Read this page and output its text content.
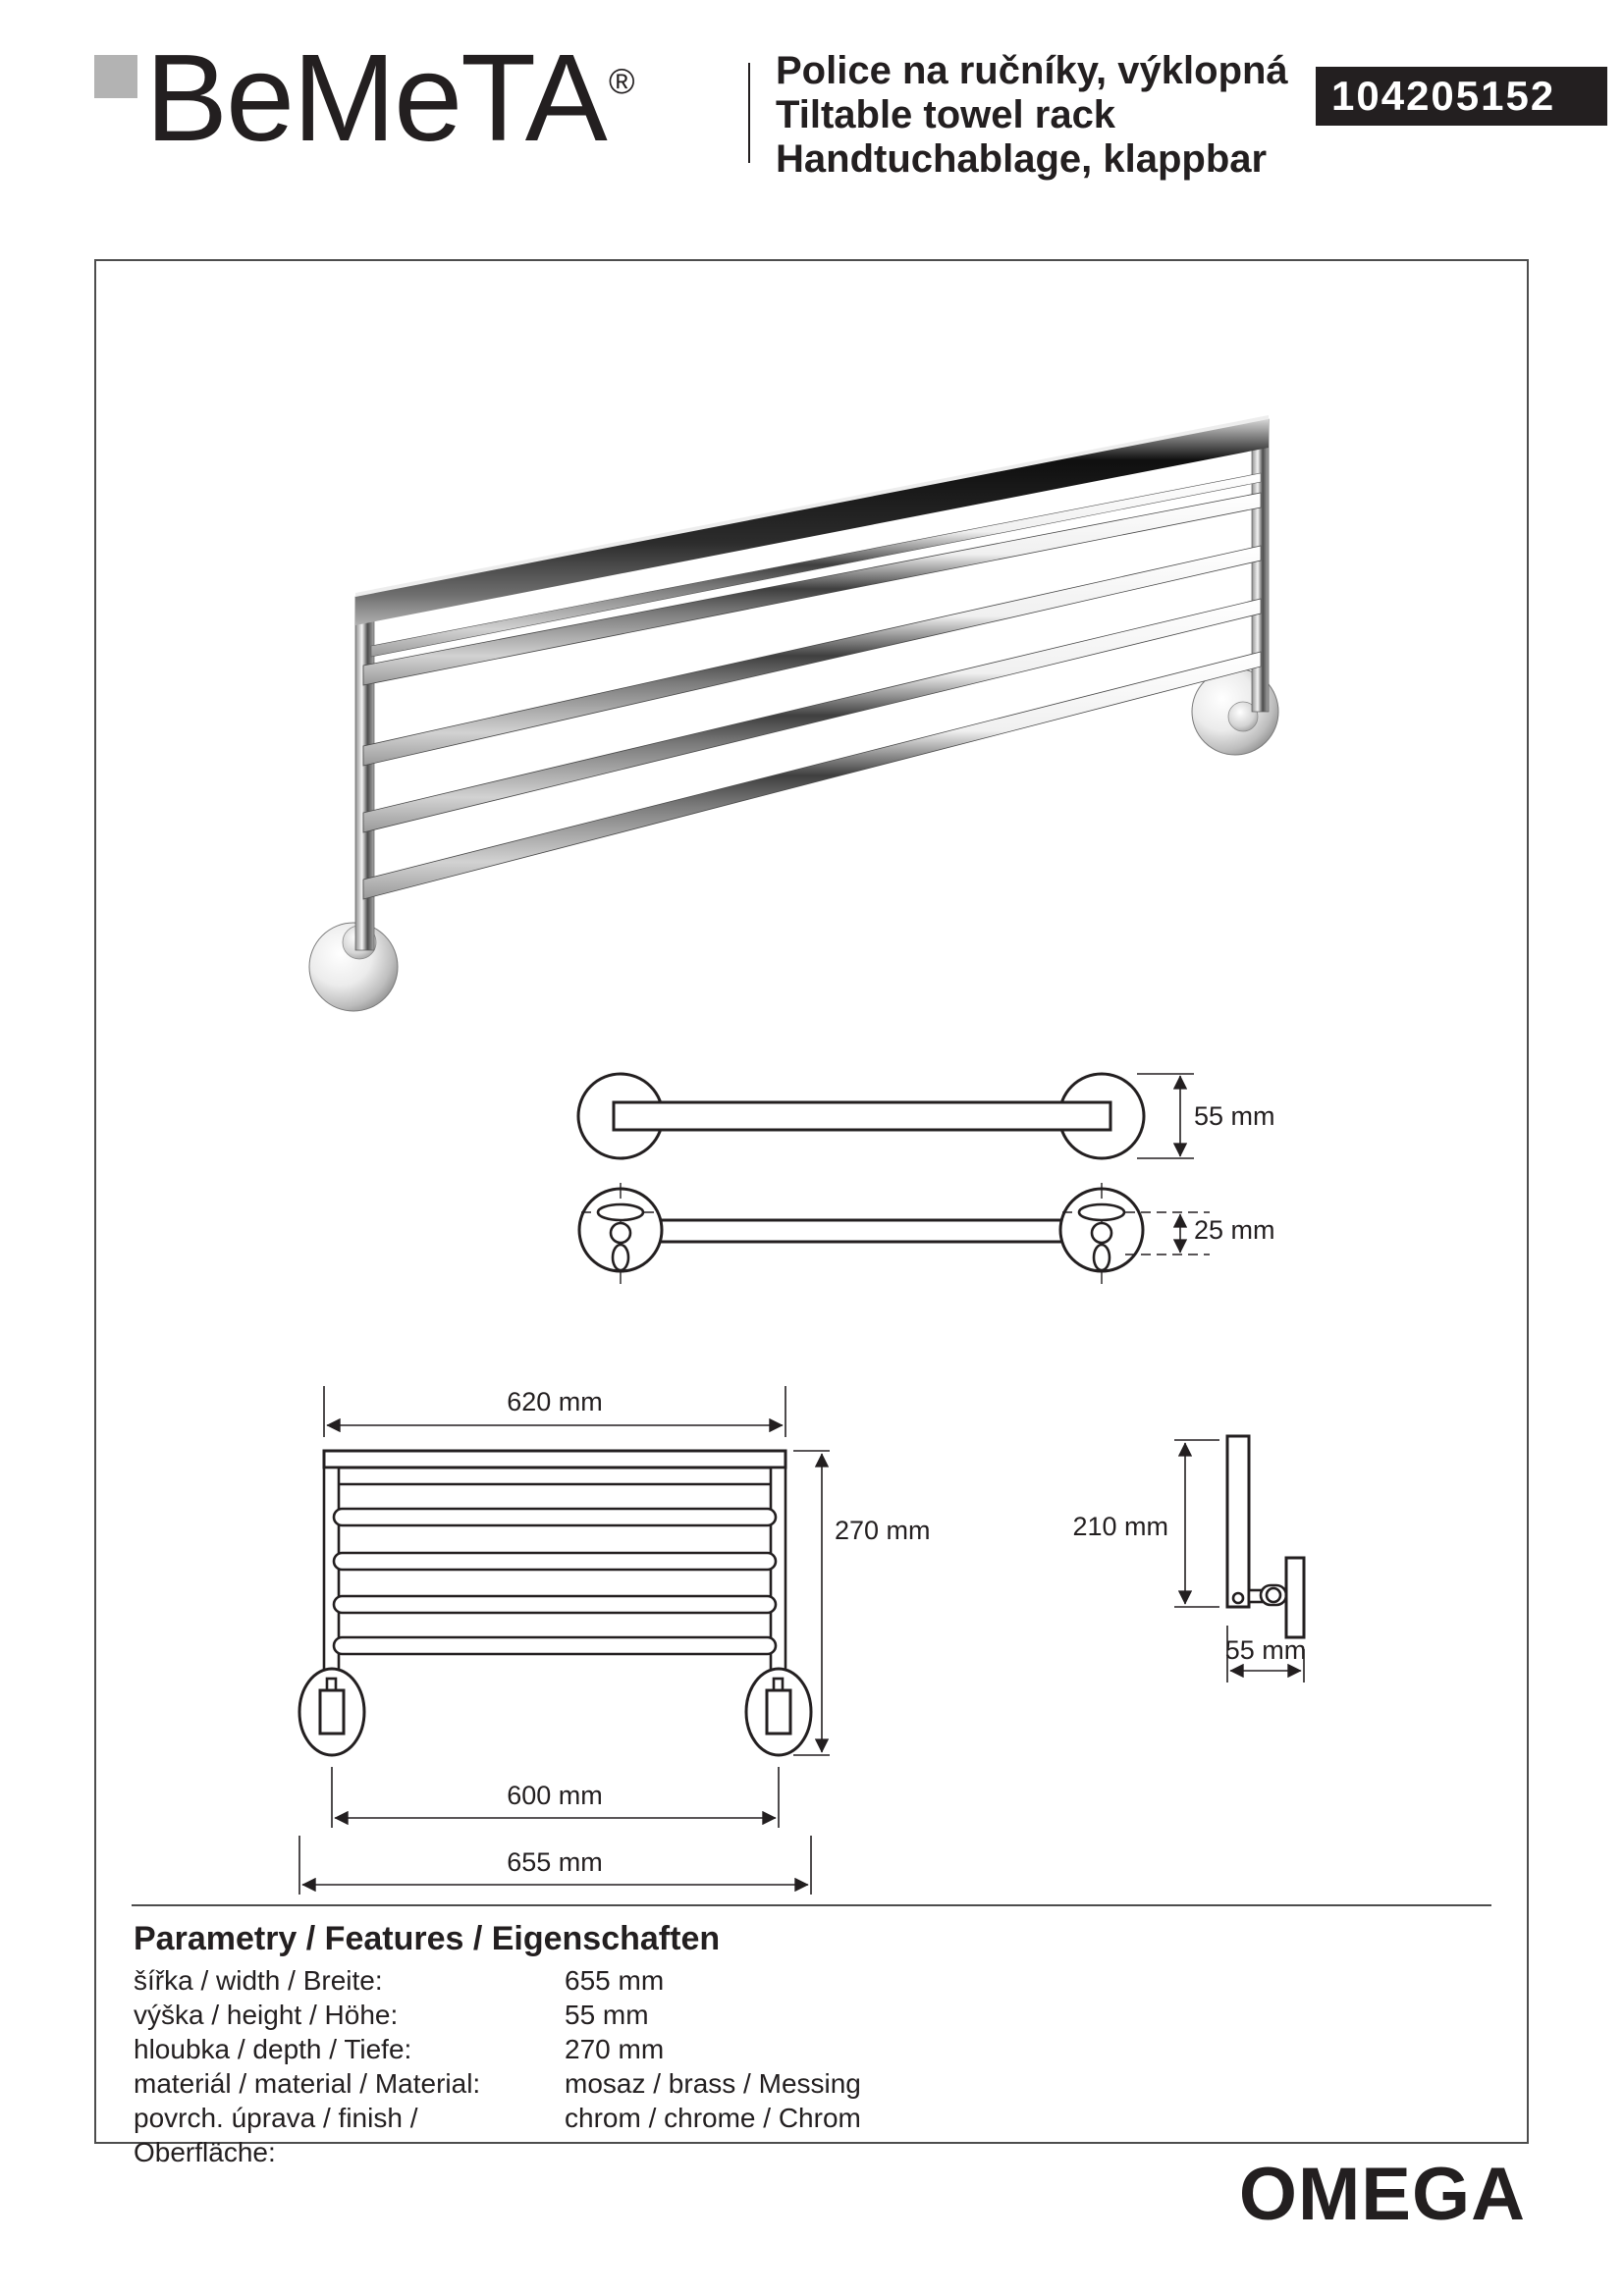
BeMeTA ®	Police na ručníky, výklopná
Tiltable towel rack
Handtuchablage, klappbar
104205152
55 mm
25 mm
620 mm
270 mm
600 mm
655 mm
210 mm
55 mm
Parametry / Features / Eigenschaften
šířka / width / Breite:	655 mm
výška / height / Höhe:	55 mm
hloubka / depth / Tiefe:	270 mm
materiál / material / Material:	mosaz / brass / Messing
povrch. úprava / finish / Oberfläche:
chrom / chrome / Chrom
OMEGA
